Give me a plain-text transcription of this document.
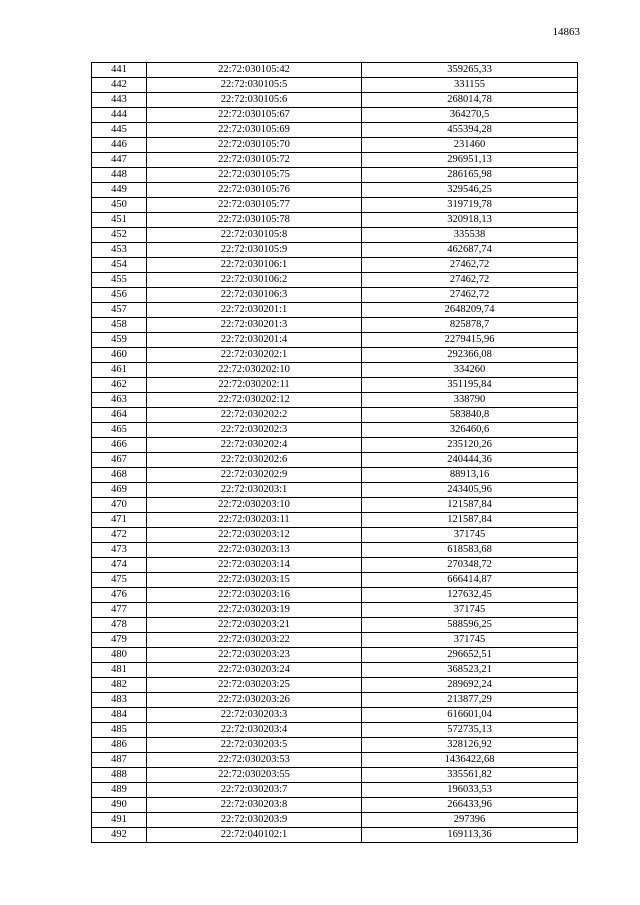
14863
441	22:72:030105:42	359265,33
442	22:72:030105:5	331155
443	22:72:030105:6	268014,78
444	22:72:030105:67	364270,5
445	22:72:030105:69	455394,28
446	22:72:030105:70	231460
447	22:72:030105:72	296951,13
448	22:72:030105:75	286165,98
449	22:72:030105:76	329546,25
450	22:72:030105:77	319719,78
451	22:72:030105:78	320918,13
452	22:72:030105:8	335538
453	22:72:030105:9	462687,74
454	22:72:030106:1	27462,72
455	22:72:030106:2	27462,72
456	22:72:030106:3	27462,72
457	22:72:030201:1	2648209,74
458	22:72:030201:3	825878,7
459	22:72:030201:4	2279415,96
460	22:72:030202:1	292366,08
461	22:72:030202:10	334260
462	22:72:030202:11	351195,84
463	22:72:030202:12	338790
464	22:72:030202:2	583840,8
465	22:72:030202:3	326460,6
466	22:72:030202:4	235120,26
467	22:72:030202:6	240444,36
468	22:72:030202:9	88913,16
469	22:72:030203:1	243405,96
470	22:72:030203:10	121587,84
471	22:72:030203:11	121587,84
472	22:72:030203:12	371745
473	22:72:030203:13	618583,68
474	22:72:030203:14	270348,72
475	22:72:030203:15	666414,87
476	22:72:030203:16	127632,45
477	22:72:030203:19	371745
478	22:72:030203:21	588596,25
479	22:72:030203:22	371745
480	22:72:030203:23	296652,51
481	22:72:030203:24	368523,21
482	22:72:030203:25	289692,24
483	22:72:030203:26	213877,29
484	22:72:030203:3	616601,04
485	22:72:030203:4	572735,13
486	22:72:030203:5	328126,92
487	22:72:030203:53	1436422,68
488	22:72:030203:55	335561,82
489	22:72:030203:7	196033,53
490	22:72:030203:8	266433,96
491	22:72:030203:9	297396
492	22:72:040102:1	169113,36
